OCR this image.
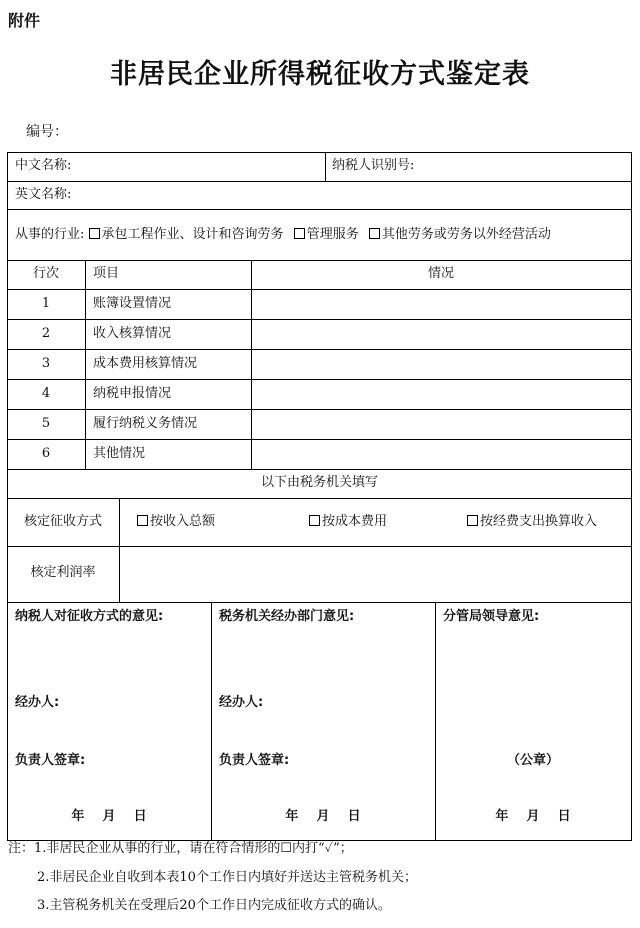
附件
非居民企业所得税征收方式鉴定表
编号：
中文名称:	纳税人识别号:
英文名称:
从事的行业: 承包工程作业、设计和咨询劳务 管理服务 其他劳务或劳务以外经营活动
行次	项目	情况
1	账簿设置情况
2	收入核算情况
3	成本费用核算情况
4	纳税申报情况
5	履行纳税义务情况
6	其他情况
以下由税务机关填写
核定征收方式	按收入总额	按成本费用	按经费支出换算收入
核定利润率
纳税人对征收方式的意见:
经办人:
负责人签章:
年    月    日
税务机关经办部门意见:
经办人:
负责人签章:
年    月    日
分管局领导意见:
（公章）
年    月    日
注：1.非居民企业从事的行业，请在符合情形的☐内打“✓”；
2.非居民企业自收到本表10个工作日内填好并送达主管税务机关；
3.主管税务机关在受理后20个工作日内完成征收方式的确认。
